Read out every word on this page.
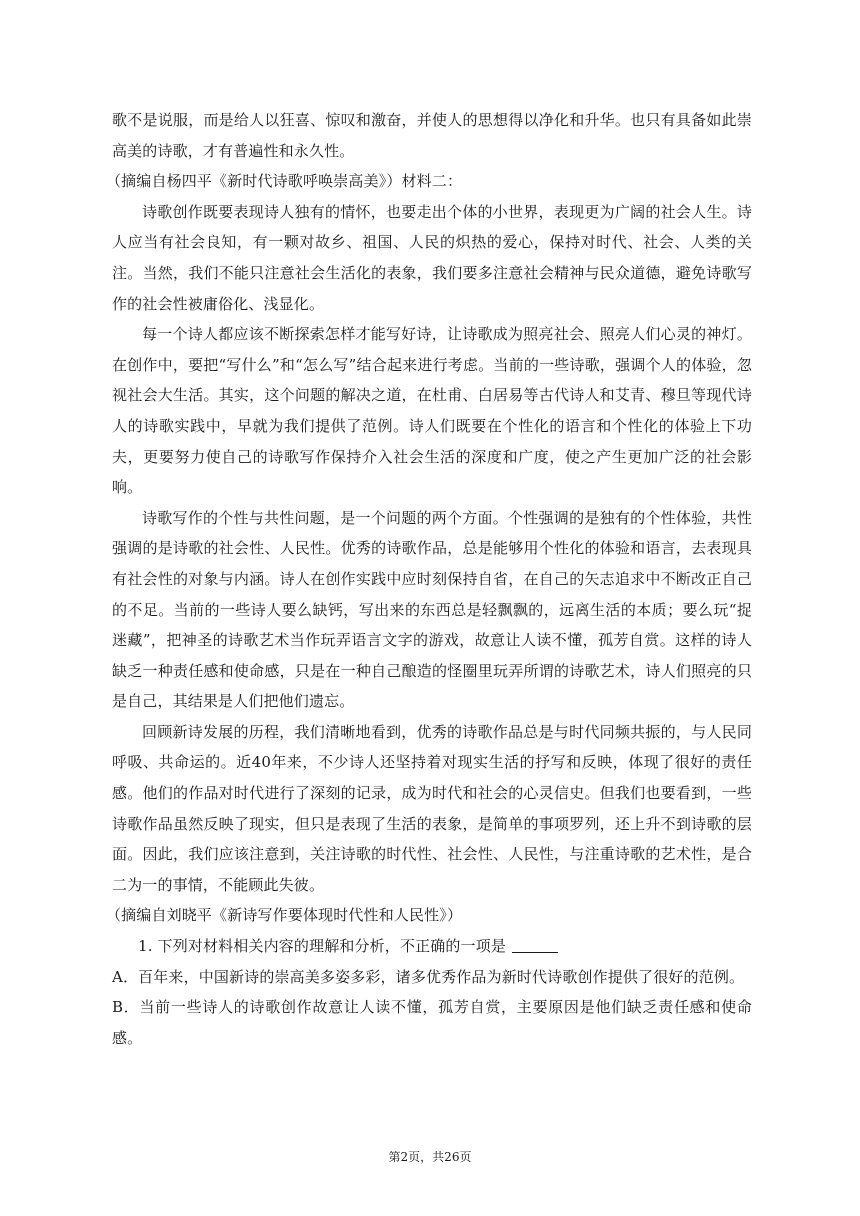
歌不是说服，而是给人以狂喜、惊叹和激奋，并使人的思想得以净化和升华。也只有具备如此崇高美的诗歌，才有普遍性和永久性。

（摘编自杨四平《新时代诗歌呼唤崇高美》）材料二：

诗歌创作既要表现诗人独有的情怀，也要走出个体的小世界，表现更为广阔的社会人生。诗人应当有社会良知，有一颗对故乡、祖国、人民的炽热的爱心，保持对时代、社会、人类的关注。当然，我们不能只注意社会生活化的表象，我们要多注意社会精神与民众道德，避免诗歌写作的社会性被庸俗化、浅显化。

每一个诗人都应该不断探索怎样才能写好诗，让诗歌成为照亮社会、照亮人们心灵的神灯。在创作中，要把“写什么”和“怎么写”结合起来进行考虑。当前的一些诗歌，强调个人的体验，忽视社会大生活。其实，这个问题的解决之道，在杜甫、白居易等古代诗人和艾青、穆旦等现代诗人的诗歌实践中，早就为我们提供了范例。诗人们既要在个性化的语言和个性化的体验上下功夫，更要努力使自己的诗歌写作保持介入社会生活的深度和广度，使之产生更加广泛的社会影响。

诗歌写作的个性与共性问题，是一个问题的两个方面。个性强调的是独有的个性体验，共性强调的是诗歌的社会性、人民性。优秀的诗歌作品，总是能够用个性化的体验和语言，去表现具有社会性的对象与内涵。诗人在创作实践中应时刻保持自省，在自己的矢志追求中不断改正自己的不足。当前的一些诗人要么缺钙，写出来的东西总是轻飘飘的，远离生活的本质；要么玩“捉迷藏”，把神圣的诗歌艺术当作玩弄语言文字的游戏，故意让人读不懂，孤芳自赏。这样的诗人缺乏一种责任感和使命感，只是在一种自己酿造的怪圈里玩弄所谓的诗歌艺术，诗人们照亮的只是自己，其结果是人们把他们遗忘。

回顾新诗发展的历程，我们清晰地看到，优秀的诗歌作品总是与时代同频共振的，与人民同呼吸、共命运的。近40年来，不少诗人还坚持着对现实生活的抒写和反映，体现了很好的责任感。他们的作品对时代进行了深刻的记录，成为时代和社会的心灵信史。但我们也要看到，一些诗歌作品虽然反映了现实，但只是表现了生活的表象，是简单的事项罗列，还上升不到诗歌的层面。因此，我们应该注意到，关注诗歌的时代性、社会性、人民性，与注重诗歌的艺术性，是合二为一的事情，不能顾此失彼。

（摘编自刘晓平《新诗写作要体现时代性和人民性》）

1. 下列对材料相关内容的理解和分析，不正确的一项是

A．百年来，中国新诗的崇高美多姿多彩，诸多优秀作品为新时代诗歌创作提供了很好的范例。

B．当前一些诗人的诗歌创作故意让人读不懂，孤芳自赏，主要原因是他们缺乏责任感和使命感。

第2页，共26页
